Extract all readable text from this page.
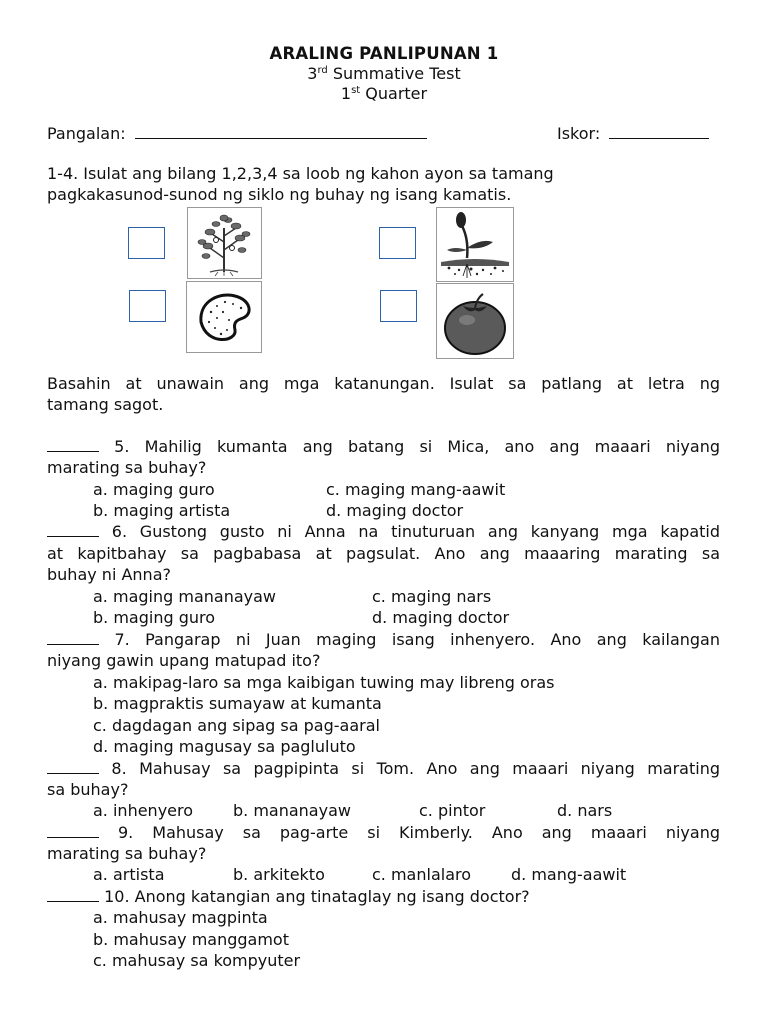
ARALING PANLIPUNAN 1
3rd Summative Test
1st Quarter
Pangalan:	Iskor:
1-4. Isulat ang bilang 1,2,3,4 sa loob ng kahon ayon sa tamang
pagkakasunod-sunod ng siklo ng buhay ng isang kamatis.
Basahin at unawain ang mga katanungan. Isulat sa patlang at letra ng
tamang sagot.
5. Mahilig kumanta ang batang si Mica, ano ang maaari niyang
marating sa buhay?
a. maging guro	c. maging mang-aawit
b. maging artista	d. maging doctor
6. Gustong gusto ni Anna na tinuturuan ang kanyang mga kapatid
at kapitbahay sa pagbabasa at pagsulat. Ano ang maaaring marating sa
buhay ni Anna?
a. maging mananayaw	c. maging nars
b. maging guro	d. maging doctor
7. Pangarap ni Juan maging isang inhenyero. Ano ang kailangan
niyang gawin upang matupad ito?
a. makipag-laro sa mga kaibigan tuwing may libreng oras
b. magpraktis sumayaw at kumanta
c. dagdagan ang sipag sa pag-aaral
d. maging magusay sa pagluluto
8. Mahusay sa pagpipinta si Tom. Ano ang maaari niyang marating
sa buhay?
a. inhenyero b. mananayaw	c. pintor	d. nars
9. Mahusay sa pag-arte si Kimberly. Ano ang maaari niyang
marating sa buhay?
a. artista	b. arkitekto	c. manlalaro d. mang-aawit
10. Anong katangian ang tinataglay ng isang doctor?
a. mahusay magpinta
b. mahusay manggamot
c. mahusay sa kompyuter
